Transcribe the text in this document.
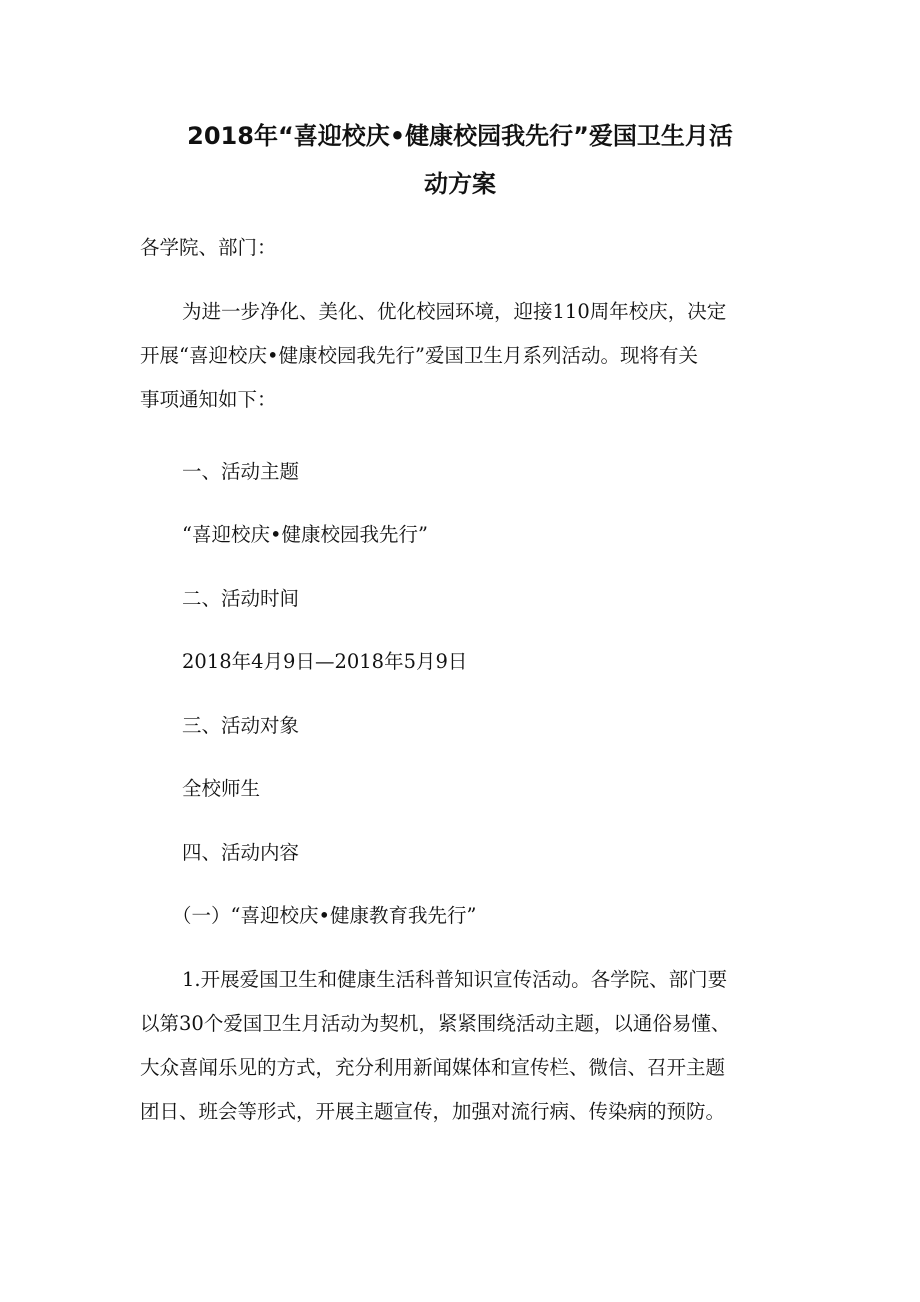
2018年“喜迎校庆•健康校园我先行”爱国卫生月活
动方案

各学院、部门：

为进一步净化、美化、优化校园环境，迎接110周年校庆，决定
开展“喜迎校庆•健康校园我先行”爱国卫生月系列活动。现将有关
事项通知如下：

一、活动主题

“喜迎校庆•健康校园我先行”

二、活动时间

2018年4月9日—2018年5月9日

三、活动对象

全校师生

四、活动内容

（一）“喜迎校庆•健康教育我先行”

1.开展爱国卫生和健康生活科普知识宣传活动。各学院、部门要
以第30个爱国卫生月活动为契机，紧紧围绕活动主题，以通俗易懂、
大众喜闻乐见的方式，充分利用新闻媒体和宣传栏、微信、召开主题
团日、班会等形式，开展主题宣传，加强对流行病、传染病的预防。
